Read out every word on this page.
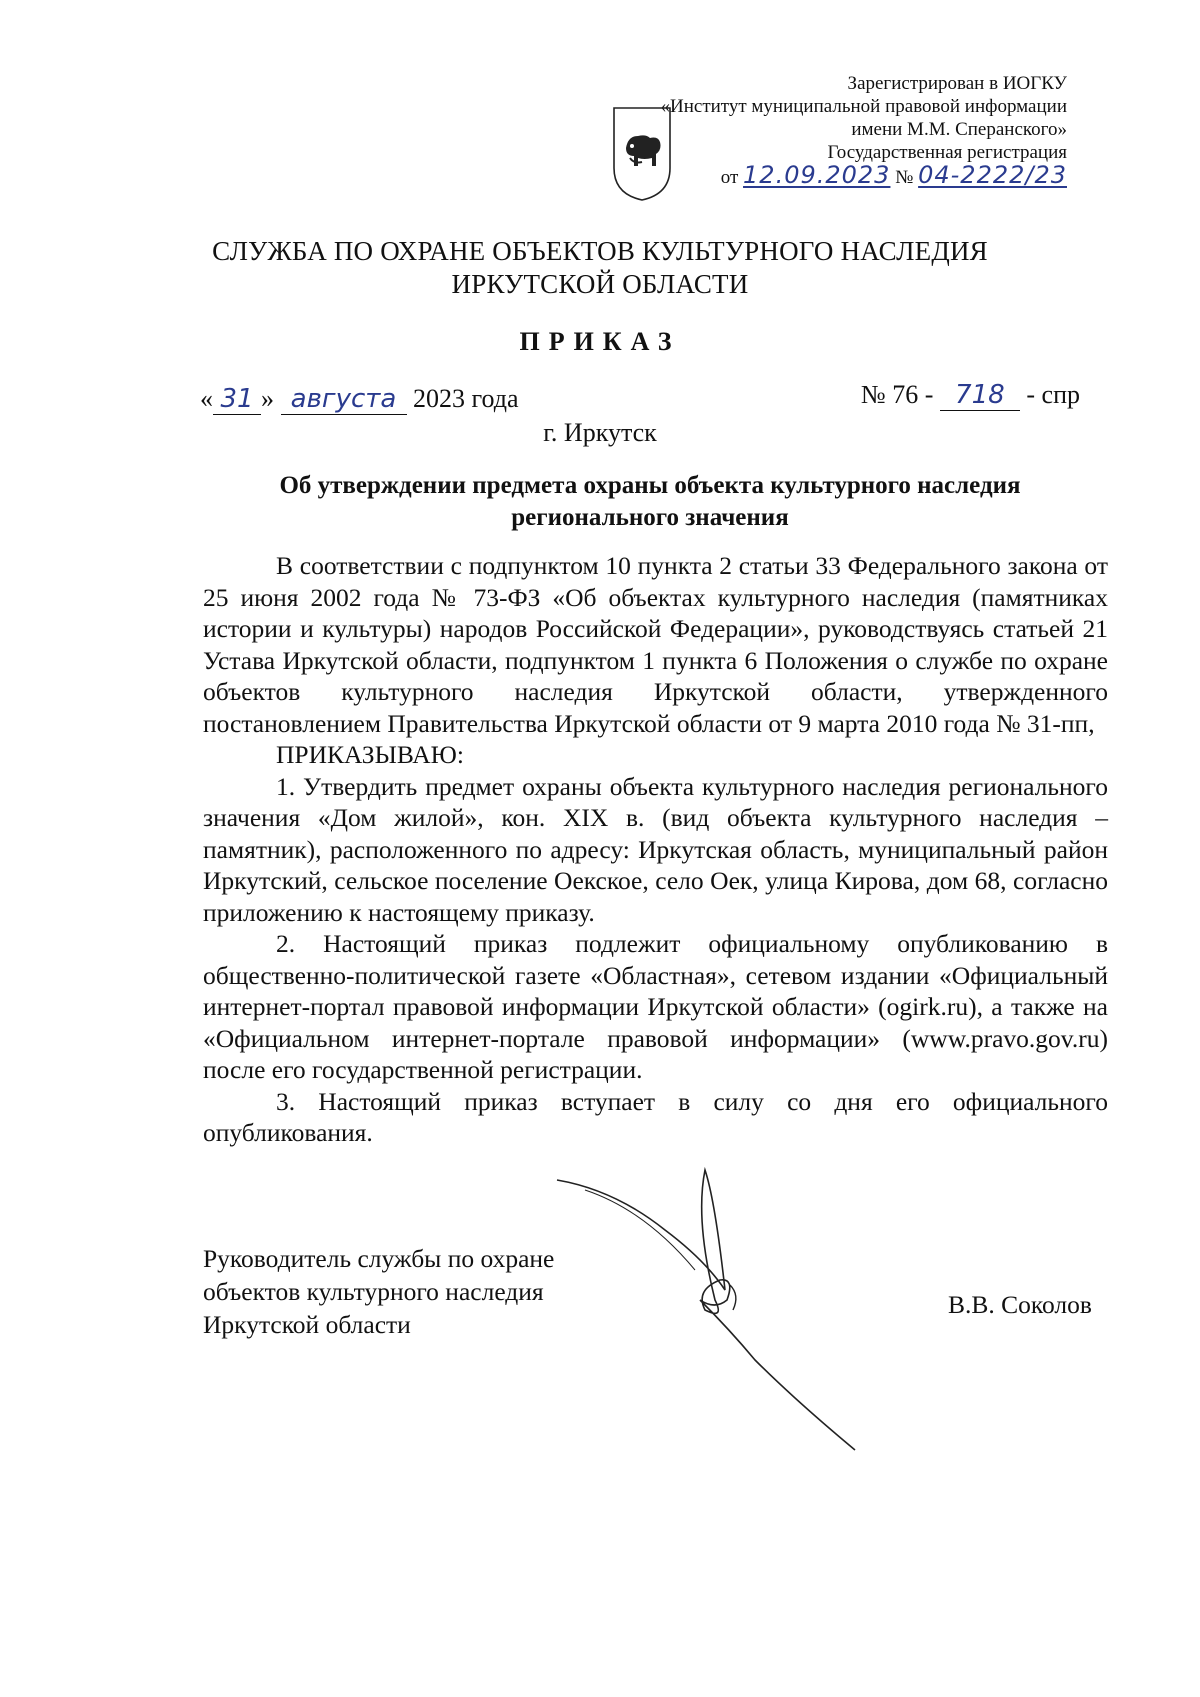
Зарегистрирован в ИОГКУ
«Институт муниципальной правовой информации
имени М.М. Сперанского»
Государственная регистрация
от 12.09.2023 № 04-2222/23
СЛУЖБА ПО ОХРАНЕ ОБЪЕКТОВ КУЛЬТУРНОГО НАСЛЕДИЯ
ИРКУТСКОЙ ОБЛАСТИ
ПРИКАЗ
« 31 » августа 2023 года	№ 76 - 718 - спр
г. Иркутск
Об утверждении предмета охраны объекта культурного наследия
регионального значения

В соответствии с подпунктом 10 пункта 2 статьи 33 Федерального закона от 25 июня 2002 года № 73-ФЗ «Об объектах культурного наследия (памятниках истории и культуры) народов Российской Федерации», руководствуясь статьей 21 Устава Иркутской области, подпунктом 1 пункта 6 Положения о службе по охране объектов культурного наследия Иркутской области, утвержденного постановлением Правительства Иркутской области от 9 марта 2010 года № 31-пп,

ПРИКАЗЫВАЮ:

1. Утвердить предмет охраны объекта культурного наследия регионального значения «Дом жилой», кон. XIX в. (вид объекта культурного наследия – памятник), расположенного по адресу: Иркутская область, муниципальный район Иркутский, сельское поселение Оекское, село Оек, улица Кирова, дом 68, согласно приложению к настоящему приказу.

2. Настоящий приказ подлежит официальному опубликованию в общественно-политической газете «Областная», сетевом издании «Официальный интернет-портал правовой информации Иркутской области» (ogirk.ru), а также на «Официальном интернет-портале правовой информации» (www.pravo.gov.ru) после его государственной регистрации.

3. Настоящий приказ вступает в силу со дня его официального опубликования.

Руководитель службы по охране
объектов культурного наследия
Иркутской области
В.В. Соколов
